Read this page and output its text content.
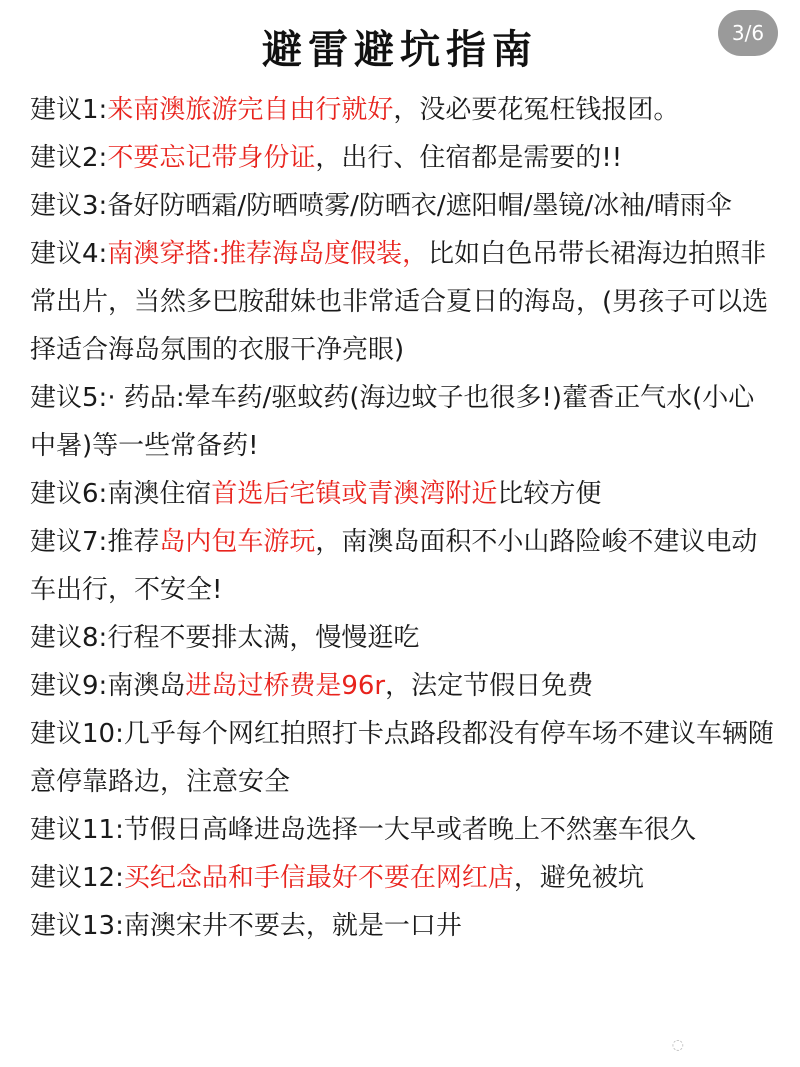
避雷避坑指南	3/6
建议1:来南澳旅游完自由行就好，没必要花冤枉钱报团。
建议2:不要忘记带身份证，出行、住宿都是需要的!!
建议3:备好防晒霜/防晒喷雾/防晒衣/遮阳帽/墨镜/冰袖/晴雨伞
建议4:南澳穿搭:推荐海岛度假装，比如白色吊带长裙海边拍照非常出片，当然多巴胺甜妹也非常适合夏日的海岛，(男孩子可以选择适合海岛氛围的衣服干净亮眼)
建议5:· 药品:晕车药/驱蚊药(海边蚊子也很多!)藿香正气水(小心中暑)等一些常备药!
建议6:南澳住宿首选后宅镇或青澳湾附近比较方便
建议7:推荐岛内包车游玩，南澳岛面积不小山路险峻不建议电动车出行，不安全!
建议8:行程不要排太满，慢慢逛吃
建议9:南澳岛进岛过桥费是96r，法定节假日免费
建议10:几乎每个网红拍照打卡点路段都没有停车场不建议车辆随意停靠路边，注意安全
建议11:节假日高峰进岛选择一大早或者晚上不然塞车很久
建议12:买纪念品和手信最好不要在网红店，避免被坑
建议13:南澳宋井不要去，就是一口井
◌
